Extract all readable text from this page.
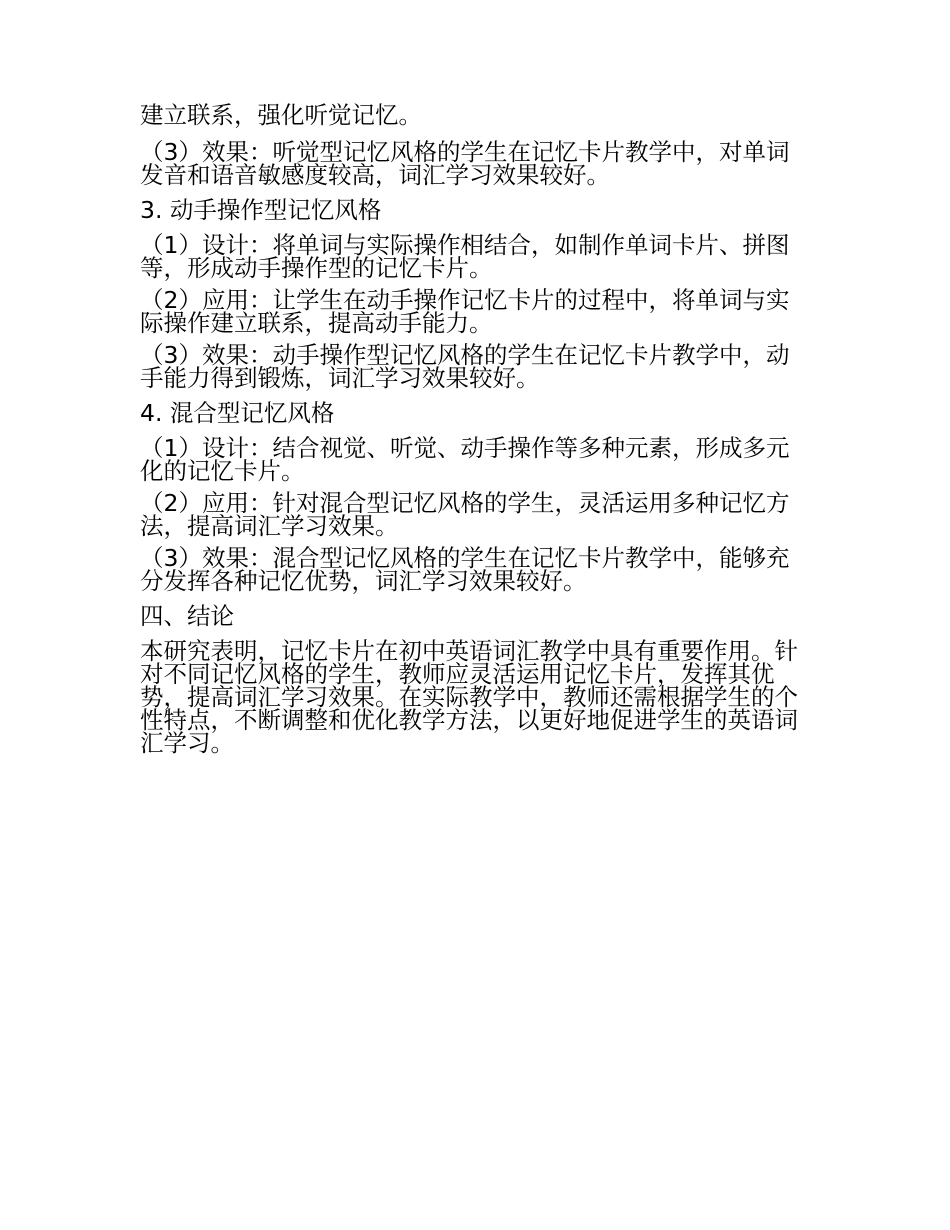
建立联系，强化听觉记忆。

（3）效果：听觉型记忆风格的学生在记忆卡片教学中，对单词发音和语音敏感度较高，词汇学习效果较好。

3. 动手操作型记忆风格

（1）设计：将单词与实际操作相结合，如制作单词卡片、拼图等，形成动手操作型的记忆卡片。

（2）应用：让学生在动手操作记忆卡片的过程中，将单词与实际操作建立联系，提高动手能力。

（3）效果：动手操作型记忆风格的学生在记忆卡片教学中，动手能力得到锻炼，词汇学习效果较好。

4. 混合型记忆风格

（1）设计：结合视觉、听觉、动手操作等多种元素，形成多元化的记忆卡片。

（2）应用：针对混合型记忆风格的学生，灵活运用多种记忆方法，提高词汇学习效果。

（3）效果：混合型记忆风格的学生在记忆卡片教学中，能够充分发挥各种记忆优势，词汇学习效果较好。

四、结论

本研究表明，记忆卡片在初中英语词汇教学中具有重要作用。针对不同记忆风格的学生，教师应灵活运用记忆卡片，发挥其优势，提高词汇学习效果。在实际教学中，教师还需根据学生的个性特点，不断调整和优化教学方法，以更好地促进学生的英语词汇学习。
